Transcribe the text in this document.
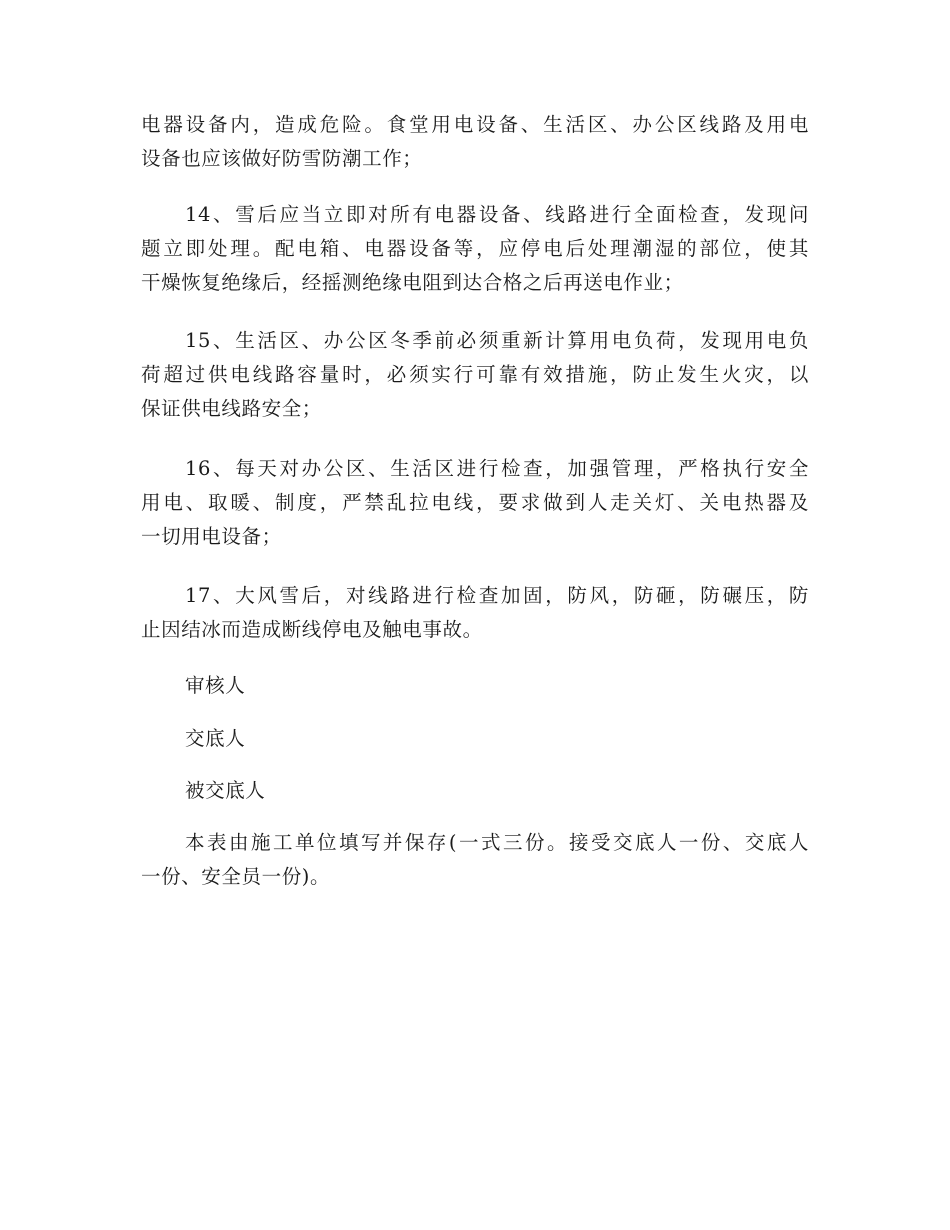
电器设备内，造成危险。食堂用电设备、生活区、办公区线路及用电
设备也应该做好防雪防潮工作；
14、雪后应当立即对所有电器设备、线路进行全面检查，发现问
题立即处理。配电箱、电器设备等，应停电后处理潮湿的部位，使其
干燥恢复绝缘后，经摇测绝缘电阻到达合格之后再送电作业；
15、生活区、办公区冬季前必须重新计算用电负荷，发现用电负
荷超过供电线路容量时，必须实行可靠有效措施，防止发生火灾，以
保证供电线路安全；
16、每天对办公区、生活区进行检查，加强管理，严格执行安全
用电、取暖、制度，严禁乱拉电线，要求做到人走关灯、关电热器及
一切用电设备；
17、大风雪后，对线路进行检查加固，防风，防砸，防碾压，防
止因结冰而造成断线停电及触电事故。
审核人
交底人
被交底人
本表由施工单位填写并保存(一式三份。接受交底人一份、交底人
一份、安全员一份)。
